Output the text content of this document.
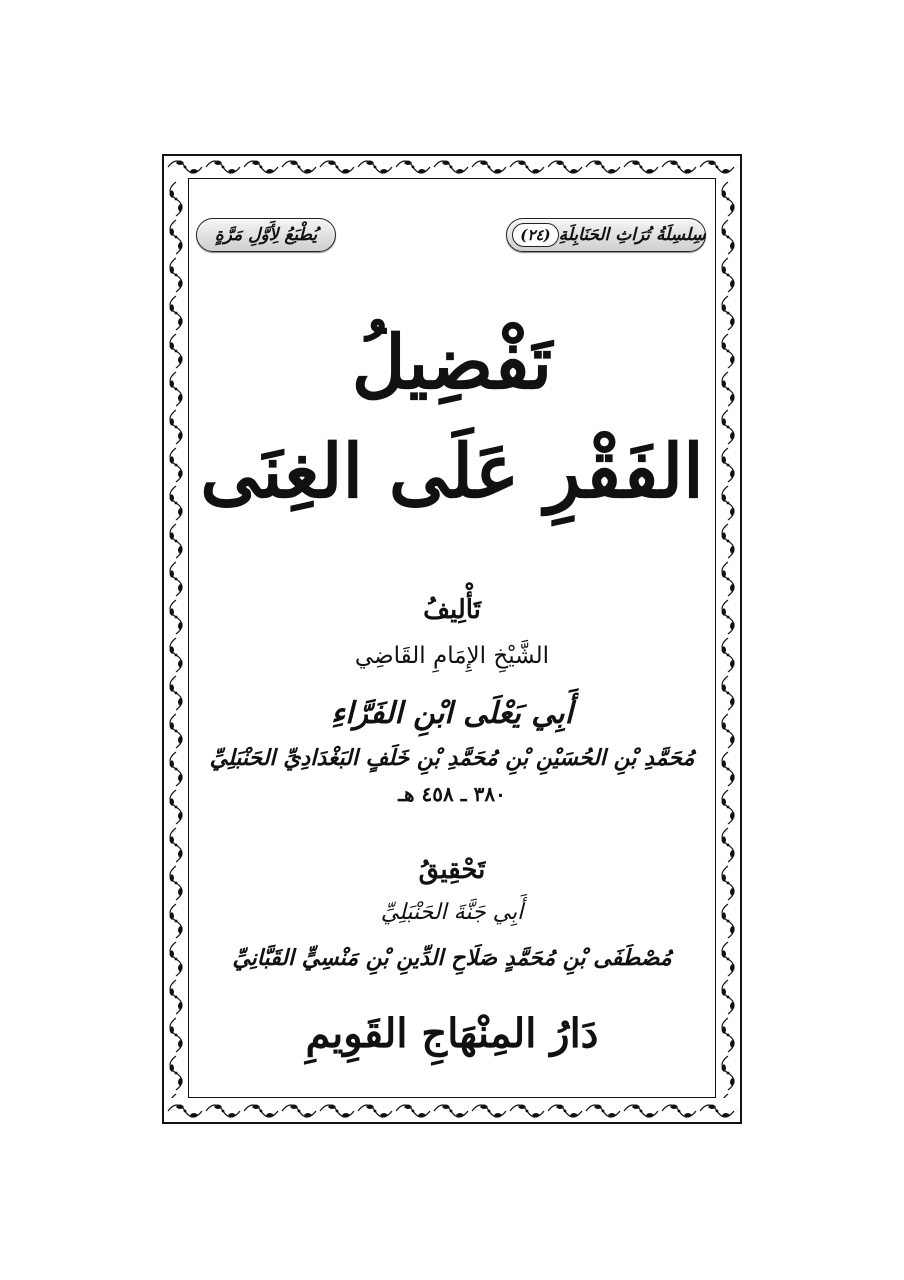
سِلسِلَةُ تُرَاثِ الحَنَابِلَةِ
(٢٤)
يُطْبَعُ لِأَوَّلِ مَرَّةٍ
تَفْضِيلُ
الفَقْرِ عَلَى الغِنَى
تَأْلِيفُ
الشَّيْخِ الإِمَامِ القَاضِي
أَبِي يَعْلَى ابْنِ الفَرَّاءِ
مُحَمَّدِ بْنِ الحُسَيْنِ بْنِ مُحَمَّدِ بْنِ خَلَفٍ البَغْدَادِيِّ الحَنْبَلِيِّ
٣٨٠ ـ ٤٥٨ هـ
تَحْقِيقُ
أَبِي جَنَّةَ الحَنْبَلِيِّ
مُصْطَفَى بْنِ مُحَمَّدٍ صَلَاحِ الدِّينِ بْنِ مَنْسِيٍّ القَبَّانِيِّ
دَارُ المِنْهَاجِ القَوِيمِ
